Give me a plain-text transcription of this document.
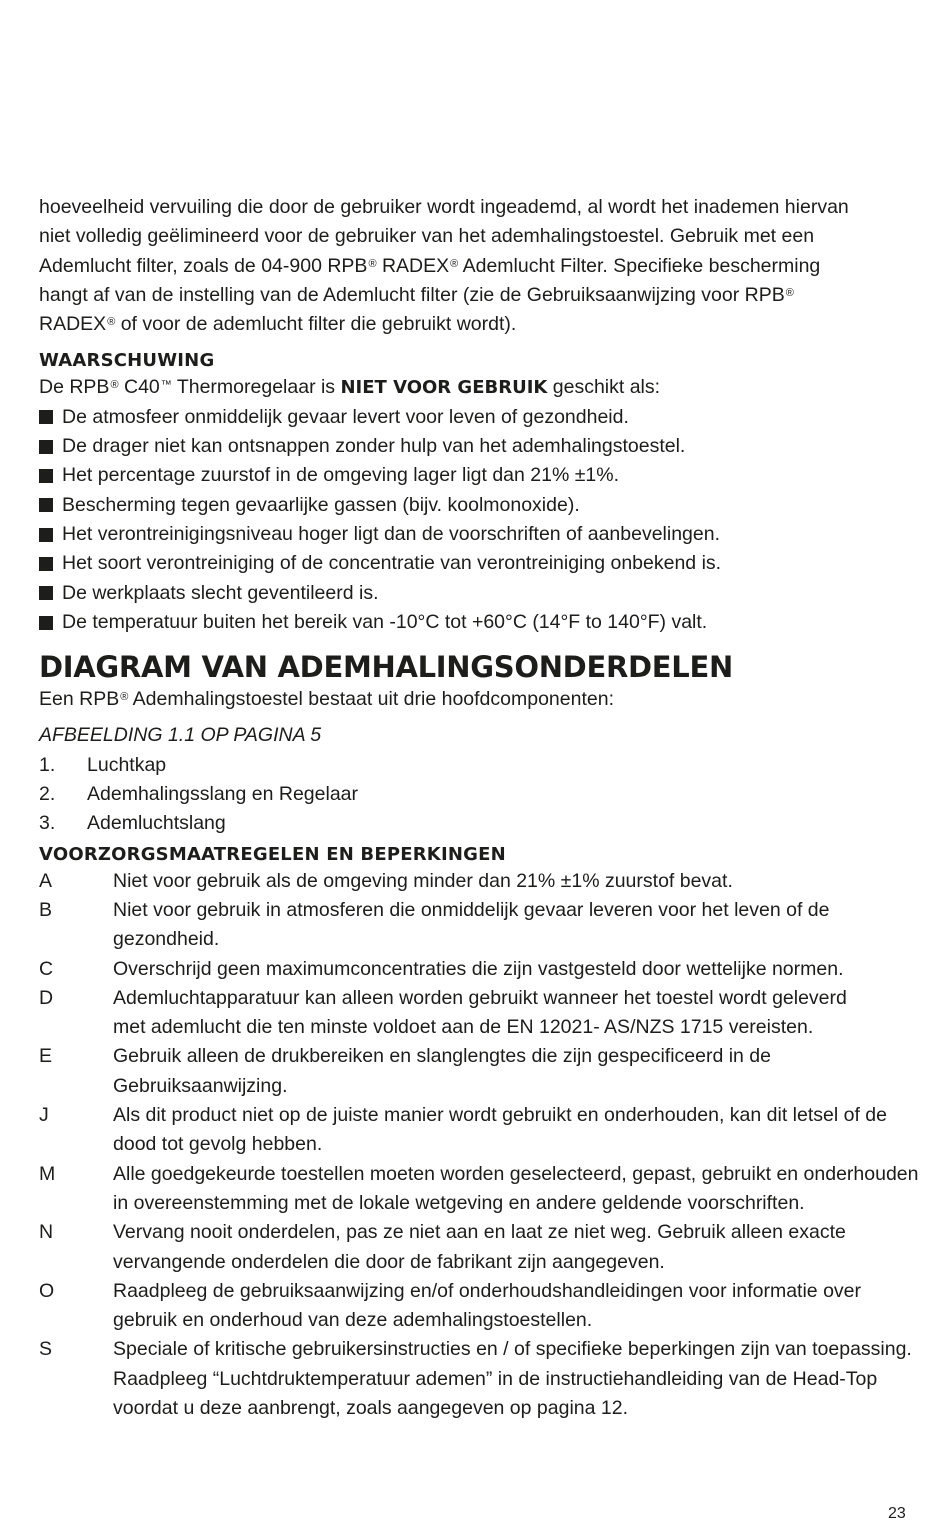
hoeveelheid vervuiling die door de gebruiker wordt ingeademd, al wordt het inademen hiervan

niet volledig geëlimineerd voor de gebruiker van het ademhalingstoestel. Gebruik met een

Ademlucht filter, zoals de 04-900 RPB® RADEX® Ademlucht Filter. Specifieke bescherming

hangt af van de instelling van de Ademlucht filter (zie de Gebruiksaanwijzing voor RPB®

RADEX® of voor de ademlucht filter die gebruikt wordt).

WAARSCHUWING

De RPB® C40™ Thermoregelaar is NIET VOOR GEBRUIK geschikt als:

De atmosfeer onmiddelijk gevaar levert voor leven of gezondheid.
De drager niet kan ontsnappen zonder hulp van het ademhalingstoestel.
Het percentage zuurstof in de omgeving lager ligt dan 21% ±1%.
Bescherming tegen gevaarlijke gassen (bijv. koolmonoxide).
Het verontreinigingsniveau hoger ligt dan de voorschriften of aanbevelingen.
Het soort verontreiniging of de concentratie van verontreiniging onbekend is.
De werkplaats slecht geventileerd is.
De temperatuur buiten het bereik van -10°C tot +60°C (14°F to 140°F) valt.
DIAGRAM VAN ADEMHALINGSONDERDELEN

Een RPB® Ademhalingstoestel bestaat uit drie hoofdcomponenten:

AFBEELDING 1.1 OP PAGINA 5

1.	Luchtkap
2.	Ademhalingsslang en Regelaar
3.	Ademluchtslang
VOORZORGSMAATREGELEN EN BEPERKINGEN
A	Niet voor gebruik als de omgeving minder dan 21% ±1% zuurstof bevat.
B	Niet voor gebruik in atmosferen die onmiddelijk gevaar leveren voor het leven of de gezondheid.
C	Overschrijd geen maximumconcentraties die zijn vastgesteld door wettelijke normen.
D	Ademluchtapparatuur kan alleen worden gebruikt wanneer het toestel wordt geleverd met ademlucht die ten minste voldoet aan de EN 12021- AS/NZS 1715 vereisten.
E	Gebruik alleen de drukbereiken en slanglengtes die zijn gespecificeerd in de Gebruiksaanwijzing.
J	Als dit product niet op de juiste manier wordt gebruikt en onderhouden, kan dit letsel of de dood tot gevolg hebben.
M	Alle goedgekeurde toestellen moeten worden geselecteerd, gepast, gebruikt en onderhouden in overeenstemming met de lokale wetgeving en andere geldende voorschriften.
N	Vervang nooit onderdelen, pas ze niet aan en laat ze niet weg. Gebruik alleen exacte vervangende onderdelen die door de fabrikant zijn aangegeven.
O	Raadpleeg de gebruiksaanwijzing en/of onderhoudshandleidingen voor informatie over gebruik en onderhoud van deze ademhalingstoestellen.
S	Speciale of kritische gebruikersinstructies en / of specifieke beperkingen zijn van toepassing. Raadpleeg “Luchtdruktemperatuur ademen” in de instructiehandleiding van de Head-Top voordat u deze aanbrengt, zoals aangegeven op pagina 12.
23
